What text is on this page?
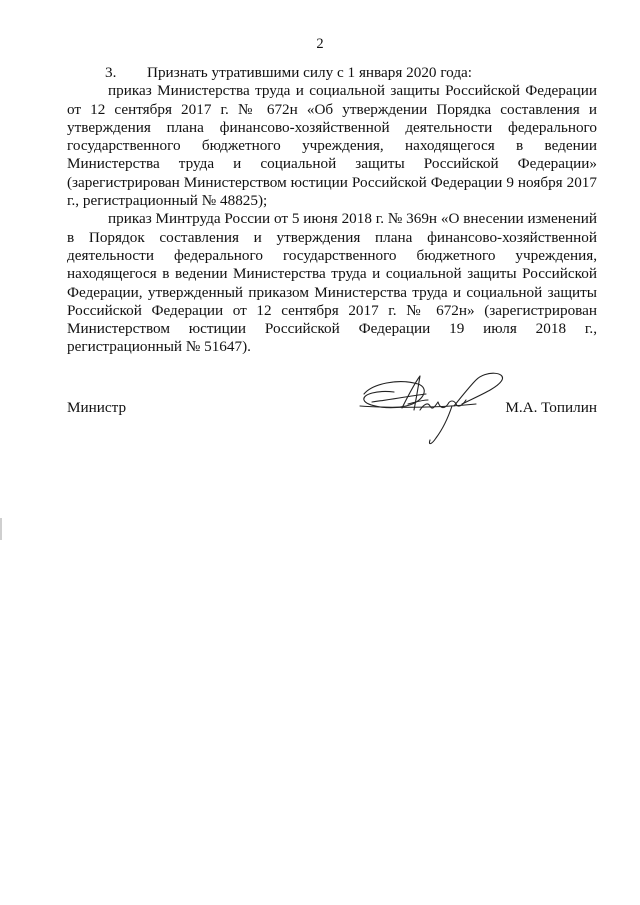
2

3. Признать утратившими силу с 1 января 2020 года:

приказ Министерства труда и социальной защиты Российской Федерации от 12 сентября 2017 г. № 672н «Об утверждении Порядка составления и утверждения плана финансово-хозяйственной деятельности федерального государственного бюджетного учреждения, находящегося в ведении Министерства труда и социальной защиты Российской Федерации» (зарегистрирован Министерством юстиции Российской Федерации 9 ноября 2017 г., регистрационный № 48825);

приказ Минтруда России от 5 июня 2018 г. № 369н «О внесении изменений в Порядок составления и утверждения плана финансово-хозяйственной деятельности федерального государственного бюджетного учреждения, находящегося в ведении Министерства труда и социальной защиты Российской Федерации, утвержденный приказом Министерства труда и социальной защиты Российской Федерации от 12 сентября 2017 г. № 672н» (зарегистрирован Министерством юстиции Российской Федерации 19 июля 2018 г., регистрационный № 51647).

Министр	М.А. Топилин
